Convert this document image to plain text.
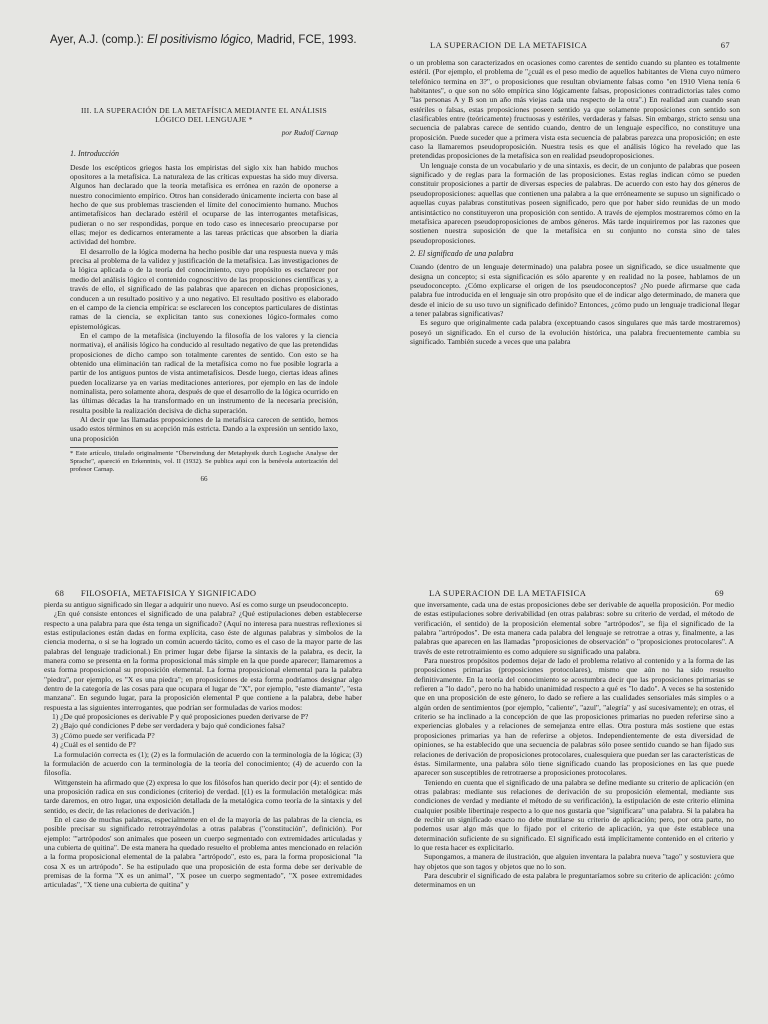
Ayer, A.J. (comp.): El positivismo lógico, Madrid, FCE, 1993.
III. LA SUPERACIÓN DE LA METAFÍSICA MEDIANTE EL ANÁLISIS LÓGICO DEL LENGUAJE *
por Rudolf Carnap
1. Introducción

Desde los escépticos griegos hasta los empiristas del siglo xix han habido muchos opositores a la metafísica. La naturaleza de las críticas expuestas ha sido muy diversa. Algunos han declarado que la teoría metafísica es errónea en razón de oponerse a nuestro conocimiento empírico. Otros han considerado únicamente incierta con base al hecho de que sus problemas trascienden el límite del conocimiento humano. Muchos antimetafísicos han declarado estéril el ocuparse de las interrogantes metafísicas, pudieran o no ser respondidas, porque en todo caso es innecesario preocuparse por ellas; mejor es dedicarnos enteramente a las tareas prácticas que absorben la diaria actividad del hombre.

El desarrollo de la lógica moderna ha hecho posible dar una respuesta nueva y más precisa al problema de la validez y justificación de la metafísica. Las investigaciones de la lógica aplicada o de la teoría del conocimiento, cuyo propósito es esclarecer por medio del análisis lógico el contenido cognoscitivo de las proposiciones científicas y, a través de ello, el significado de las palabras que aparecen en dichas proposiciones, conducen a un resultado positivo y a uno negativo. El resultado positivo es elaborado en el campo de la ciencia empírica: se esclarecen los conceptos particulares de distintas ramas de la ciencia, se explicitan tanto sus conexiones lógico-formales como epistemológicas.

En el campo de la metafísica (incluyendo la filosofía de los valores y la ciencia normativa), el análisis lógico ha conducido al resultado negativo de que las pretendidas proposiciones de dicho campo son totalmente carentes de sentido. Con esto se ha obtenido una eliminación tan radical de la metafísica como no fue posible lograrla a partir de los antiguos puntos de vista antimetafísicos. Desde luego, ciertas ideas afines pueden localizarse ya en varias meditaciones anteriores, por ejemplo en las de índole nominalista, pero solamente ahora, después de que el desarrollo de la lógica ocurrido en las últimas décadas la ha transformado en un instrumento de la necesaria precisión, resulta posible la realización decisiva de dicha superación.

Al decir que las llamadas proposiciones de la metafísica carecen de sentido, hemos usado estos términos en su acepción más estricta. Dando a la expresión un sentido laxo, una proposición

* Este artículo, titulado originalmente "Überwindung der Metaphysik durch Logische Analyse der Sprache", apareció en Erkenntnis, vol. II (1932). Se publica aquí con la benévola autorización del profesor Carnap.
66
LA SUPERACION DE LA METAFISICA	67

o un problema son caracterizados en ocasiones como carentes de sentido cuando su planteo es totalmente estéril. (Por ejemplo, el problema de "¿cuál es el peso medio de aquellos habitantes de Viena cuyo número telefónico termina en 3?", o proposiciones que resultan obviamente falsas como "en 1910 Viena tenía 6 habitantes", o que son no sólo empírica sino lógicamente falsas, proposiciones contradictorias tales como "las personas A y B son un año más viejas cada una respecto de la otra".) En realidad aun cuando sean estériles o falsas, estas proposiciones poseen sentido ya que solamente proposiciones con sentido son clasificables entre (teóricamente) fructuosas y estériles, verdaderas y falsas. Sin embargo, stricto sensu una secuencia de palabras carece de sentido cuando, dentro de un lenguaje específico, no constituye una proposición. Puede suceder que a primera vista esta secuencia de palabras parezca una proposición; en este caso la llamaremos pseudoproposición. Nuestra tesis es que el análisis lógico ha revelado que las pretendidas proposiciones de la metafísica son en realidad pseudoproposiciones.

Un lenguaje consta de un vocabulario y de una sintaxis, es decir, de un conjunto de palabras que poseen significado y de reglas para la formación de las proposiciones. Estas reglas indican cómo se pueden constituir proposiciones a partir de diversas especies de palabras. De acuerdo con esto hay dos géneros de pseudoproposiciones: aquellas que contienen una palabra a la que erróneamente se supuso un significado o aquellas cuyas palabras constitutivas poseen significado, pero que por haber sido reunidas de un modo antisintáctico no constituyeron una proposición con sentido. A través de ejemplos mostraremos cómo en la metafísica aparecen pseudoproposiciones de ambos géneros. Más tarde inquiriremos por las razones que sostienen nuestra suposición de que la metafísica en su conjunto no consta sino de tales pseudoproposiciones.

2. El significado de una palabra

Cuando (dentro de un lenguaje determinado) una palabra posee un significado, se dice usualmente que designa un concepto; si esta significación es sólo aparente y en realidad no la posee, hablamos de un pseudoconcepto. ¿Cómo explicarse el origen de los pseudoconceptos? ¿No puede afirmarse que cada palabra fue introducida en el lenguaje sin otro propósito que el de indicar algo determinado, de manera que desde el inicio de su uso tuvo un significado definido? Entonces, ¿cómo pudo un lenguaje tradicional llegar a tener palabras significativas?

Es seguro que originalmente cada palabra (exceptuando casos singulares que más tarde mostraremos) poseyó un significado. En el curso de la evolución histórica, una palabra frecuentemente cambia su significado. También sucede a veces que una palabra

68 FILOSOFIA, METAFISICA Y SIGNIFICADO

pierda su antiguo significado sin llegar a adquirir uno nuevo. Así es como surge un pseudoconcepto.

¿En qué consiste entonces el significado de una palabra? ¿Qué estipulaciones deben establecerse respecto a una palabra para que ésta tenga un significado? (Aquí no interesa para nuestras reflexiones si estas estipulaciones están dadas en forma explícita, caso éste de algunas palabras y símbolos de la ciencia moderna, o si se ha logrado un común acuerdo tácito, como es el caso de la mayor parte de las palabras del lenguaje tradicional.) En primer lugar debe fijarse la sintaxis de la palabra, es decir, la manera como se presenta en la forma proposicional más simple en la que puede aparecer; llamaremos a esta forma proposicional su proposición elemental. La forma proposicional elemental para la palabra "piedra", por ejemplo, es "X es una piedra"; en proposiciones de esta forma podríamos designar algo dentro de la categoría de las cosas para que ocupara el lugar de "X", por ejemplo, "este diamante", "esta manzana". En segundo lugar, para la proposición elemental P que contiene a la palabra, debe haber respuesta a las siguientes interrogantes, que podrían ser formuladas de varios modos:

1) ¿De qué proposiciones es derivable P y qué proposiciones pueden derivarse de P?

2) ¿Bajo qué condiciones P debe ser verdadera y bajo qué condiciones falsa?

3) ¿Cómo puede ser verificada P?

4) ¿Cuál es el sentido de P?

La formulación correcta es (1); (2) es la formulación de acuerdo con la terminología de la lógica; (3) la formulación de acuerdo con la terminología de la teoría del conocimiento; (4) de acuerdo con la filosofía.

Wittgenstein ha afirmado que (2) expresa lo que los filósofos han querido decir por (4): el sentido de una proposición radica en sus condiciones (criterio) de verdad. [(1) es la formulación metalógica: más tarde daremos, en otro lugar, una exposición detallada de la metalógica como teoría de la sintaxis y del sentido, es decir, de las relaciones de derivación.]

En el caso de muchas palabras, especialmente en el de la mayoría de las palabras de la ciencia, es posible precisar su significado retrotrayéndolas a otras palabras ("constitución", definición). Por ejemplo: "'artrópodos' son animales que poseen un cuerpo segmentado con extremidades articuladas y una cubierta de quitina". De esta manera ha quedado resuelto el problema antes mencionado en relación a la forma proposicional elemental de la palabra "artrópodo", esto es, para la forma proposicional "la cosa X es un artrópodo". Se ha estipulado que una proposición de esta forma debe ser derivable de premisas de la forma "X es un animal", "X posee un cuerpo segmentado", "X posee extremidades articuladas", "X tiene una cubierta de quitina" y

LA SUPERACION DE LA METAFISICA	69

que inversamente, cada una de estas proposiciones debe ser derivable de aquella proposición. Por medio de estas estipulaciones sobre derivabilidad (en otras palabras: sobre su criterio de verdad, el método de verificación, el sentido) de la proposición elemental sobre "artrópodos", se fija el significado de la palabra "artrópodos". De esta manera cada palabra del lenguaje se retrotrae a otras y, finalmente, a las palabras que aparecen en las llamadas "proposiciones de observación" o "proposiciones protocolares". A través de este retrotraimiento es como adquiere su significado una palabra.

Para nuestros propósitos podemos dejar de lado el problema relativo al contenido y a la forma de las proposiciones primarias (proposiciones protocolares), mismo que aún no ha sido resuelto definitivamente. En la teoría del conocimiento se acostumbra decir que las proposiciones primarias se refieren a "lo dado", pero no ha habido unanimidad respecto a qué es "lo dado". A veces se ha sostenido que en una proposición de este género, lo dado se refiere a las cualidades sensoriales más simples o a algún orden de sentimientos (por ejemplo, "caliente", "azul", "alegría" y así sucesivamente); en otras, el criterio se ha inclinado a la concepción de que las proposiciones primarias no pueden referirse sino a experiencias globales y a relaciones de semejanza entre ellas. Otra postura más sostiene que estas proposiciones primarias ya han de referirse a objetos. Independientemente de esta diversidad de opiniones, se ha establecido que una secuencia de palabras sólo posee sentido cuando se han fijado sus relaciones de derivación de proposiciones protocolares, cualesquiera que puedan ser las características de éstas. Similarmente, una palabra sólo tiene significado cuando las proposiciones en las que puede aparecer son susceptibles de retrotraerse a proposiciones protocolares.

Teniendo en cuenta que el significado de una palabra se define mediante su criterio de aplicación (en otras palabras: mediante sus relaciones de derivación de su proposición elemental, mediante sus condiciones de verdad y mediante el método de su verificación), la estipulación de este criterio elimina cualquier posible libertinaje respecto a lo que nos gustaría que "significara" una palabra. Si la palabra ha de recibir un significado exacto no debe mutilarse su criterio de aplicación; pero, por otra parte, no podemos usar algo más que lo fijado por el criterio de aplicación, ya que éste establece una determinación suficiente de su significado. El significado está implícitamente contenido en el criterio y lo que resta hacer es explicitarlo.

Supongamos, a manera de ilustración, que alguien inventara la palabra nueva "tago" y sostuviera que hay objetos que son tagos y objetos que no lo son.

Para descubrir el significado de esta palabra le preguntaríamos sobre su criterio de aplicación: ¿cómo determinamos en un
